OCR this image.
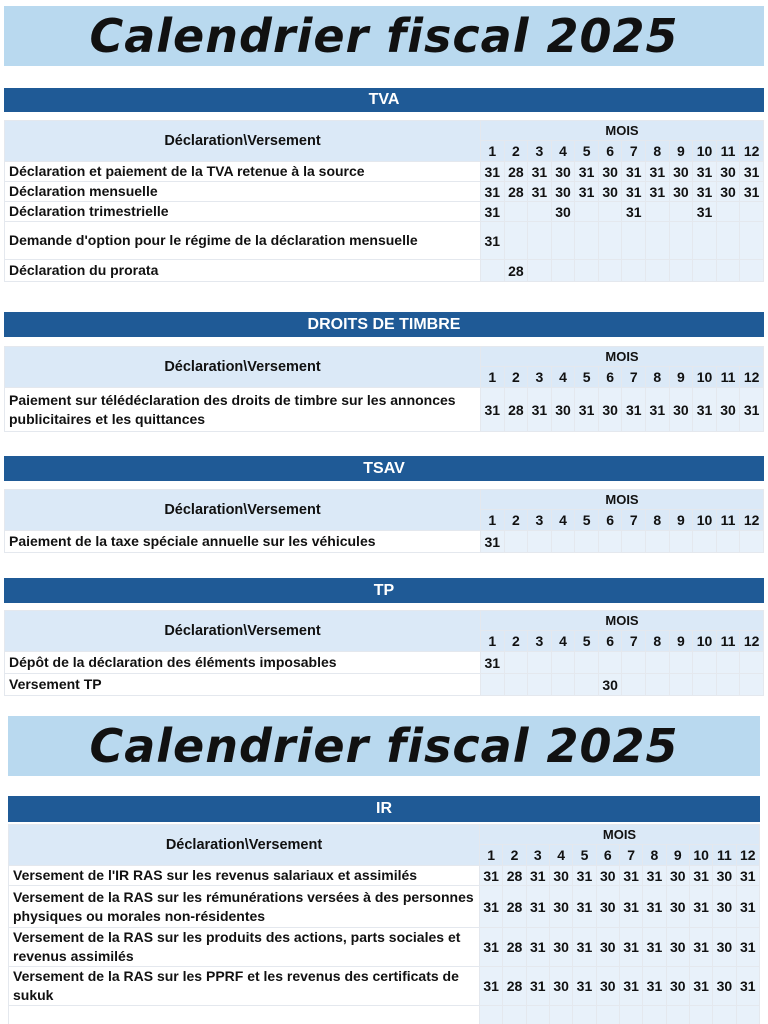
Calendrier fiscal 2025
TVA
Déclaration\Versement	MOIS											
	1	2	3	4	5	6	7	8	9	10	11	12
Déclaration et paiement de la TVA retenue à la source	31	28	31	30	31	30	31	31	30	31	30	31
Déclaration mensuelle	31	28	31	30	31	30	31	31	30	31	30	31
Déclaration trimestrielle	31			30			31			31		
Demande d'option pour le régime de la déclaration mensuelle	31											
Déclaration du prorata		28										
DROITS DE TIMBRE
Déclaration\Versement	MOIS											
	1	2	3	4	5	6	7	8	9	10	11	12
Paiement sur télédéclaration des droits de timbre sur les annonces publicitaires et les quittances	31	28	31	30	31	30	31	31	30	31	30	31
TSAV
Déclaration\Versement	MOIS											
	1	2	3	4	5	6	7	8	9	10	11	12
Paiement de la taxe spéciale annuelle sur les véhicules	31											
TP
Déclaration\Versement	MOIS											
	1	2	3	4	5	6	7	8	9	10	11	12
Dépôt de la déclaration des éléments imposables	31											
Versement TP						30						
Calendrier fiscal 2025
IR
Déclaration\Versement	MOIS											
	1	2	3	4	5	6	7	8	9	10	11	12
Versement de l'IR RAS sur les revenus salariaux et assimilés	31	28	31	30	31	30	31	31	30	31	30	31
Versement de la RAS sur les rémunérations versées à des personnes physiques ou morales non-résidentes	31	28	31	30	31	30	31	31	30	31	30	31
Versement de la RAS sur les produits des actions, parts sociales et revenus assimilés	31	28	31	30	31	30	31	31	30	31	30	31
Versement de la RAS sur les PPRF et les revenus des certificats de sukuk	31	28	31	30	31	30	31	31	30	31	30	31
